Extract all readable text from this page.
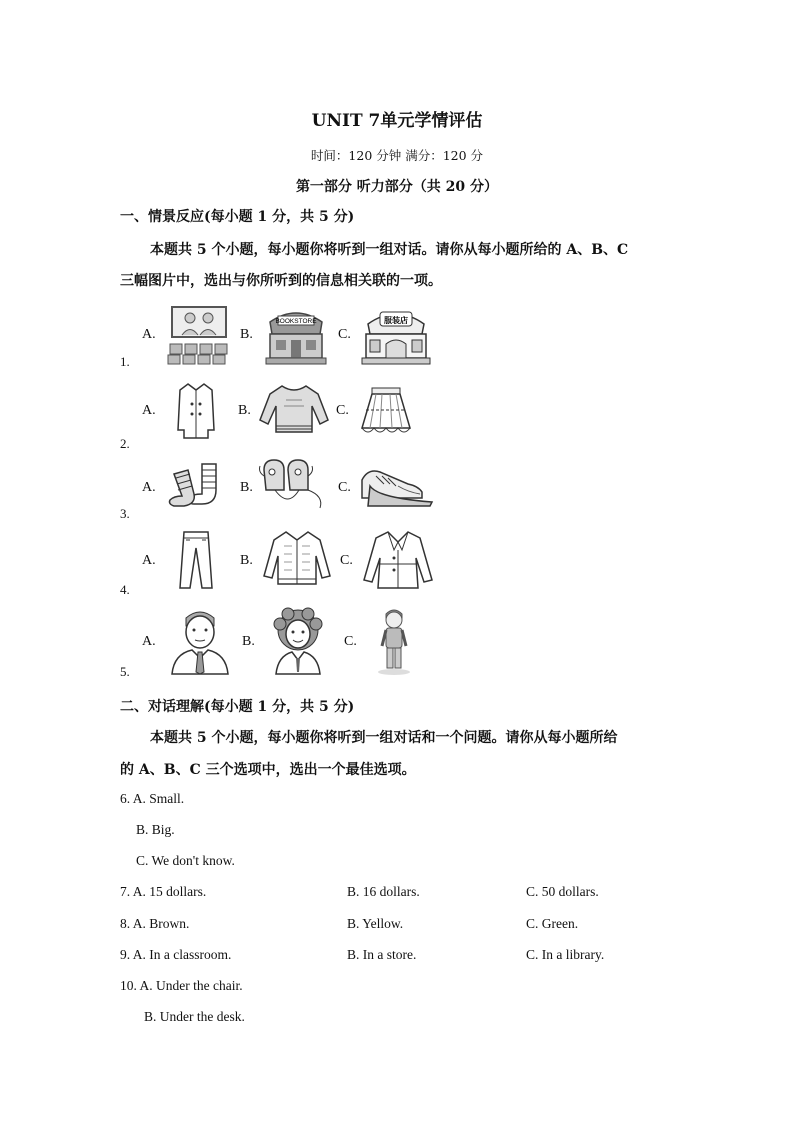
UNIT 7单元学情评估
时间：120 分钟 满分：120 分
第一部分 听力部分（共 20 分）
一、情景反应(每小题 1 分，共 5 分)
本题共 5 个小题，每小题你将听到一组对话。请你从每小题所给的 A、B、C
三幅图片中，选出与你所听到的信息相关联的一项。
A.	B.	C.
1.
BOOKSTORE	服装店
A.	B.	C.
2.
A.	B.	C.
3.
A.	B.	C.
4.
A.	B.	C.
5.
二、对话理解(每小题 1 分，共 5 分)
本题共 5 个小题，每小题你将听到一组对话和一个问题。请你从每小题所给
的 A、B、C 三个选项中，选出一个最佳选项。
6. A. Small.
B. Big.
C. We don't know.
7. A. 15 dollars.	B. 16 dollars.	C. 50 dollars.
8. A. Brown.	B. Yellow.	C. Green.
9. A. In a classroom.	B. In a store.	C. In a library.
10. A. Under the chair.
B. Under the desk.
